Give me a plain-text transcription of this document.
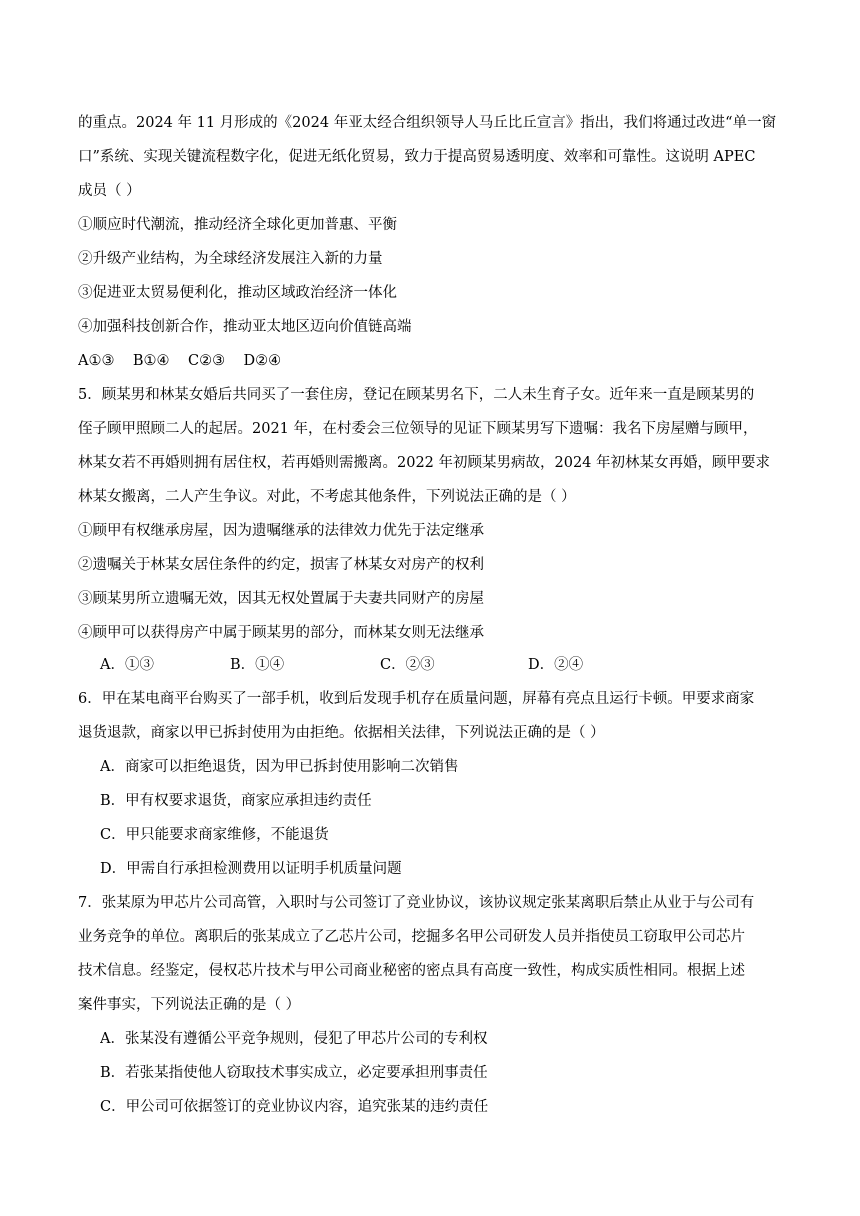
的重点。2024 年 11 月形成的《2024 年亚太经合组织领导人马丘比丘宣言》指出，我们将通过改进“单一窗
口”系统、实现关键流程数字化，促进无纸化贸易，致力于提高贸易透明度、效率和可靠性。这说明 APEC
成员（ ）
①顺应时代潮流，推动经济全球化更加普惠、平衡
②升级产业结构，为全球经济发展注入新的力量
③促进亚太贸易便利化，推动区域政治经济一体化
④加强科技创新合作，推动亚太地区迈向价值链高端
A①③    B①④    C②③    D②④
5．顾某男和林某女婚后共同买了一套住房，登记在顾某男名下，二人未生育子女。近年来一直是顾某男的
侄子顾甲照顾二人的起居。2021 年，在村委会三位领导的见证下顾某男写下遗嘱：我名下房屋赠与顾甲，
林某女若不再婚则拥有居住权，若再婚则需搬离。2022 年初顾某男病故，2024 年初林某女再婚，顾甲要求
林某女搬离，二人产生争议。对此，不考虑其他条件，下列说法正确的是（ ）
①顾甲有权继承房屋，因为遗嘱继承的法律效力优先于法定继承
②遗嘱关于林某女居住条件的约定，损害了林某女对房产的权利
③顾某男所立遗嘱无效，因其无权处置属于夫妻共同财产的房屋
④顾甲可以获得房产中属于顾某男的部分，而林某女则无法继承
A．①③	B．①④	C．②③	D．②④
6．甲在某电商平台购买了一部手机，收到后发现手机存在质量问题，屏幕有亮点且运行卡顿。甲要求商家
退货退款，商家以甲已拆封使用为由拒绝。依据相关法律，下列说法正确的是（ ）
A．商家可以拒绝退货，因为甲已拆封使用影响二次销售
B．甲有权要求退货，商家应承担违约责任
C．甲只能要求商家维修，不能退货
D．甲需自行承担检测费用以证明手机质量问题
7．张某原为甲芯片公司高管，入职时与公司签订了竞业协议，该协议规定张某离职后禁止从业于与公司有
业务竞争的单位。离职后的张某成立了乙芯片公司，挖掘多名甲公司研发人员并指使员工窃取甲公司芯片
技术信息。经鉴定，侵权芯片技术与甲公司商业秘密的密点具有高度一致性，构成实质性相同。根据上述
案件事实，下列说法正确的是（ ）
A．张某没有遵循公平竞争规则，侵犯了甲芯片公司的专利权
B．若张某指使他人窃取技术事实成立，必定要承担刑事责任
C．甲公司可依据签订的竞业协议内容，追究张某的违约责任
